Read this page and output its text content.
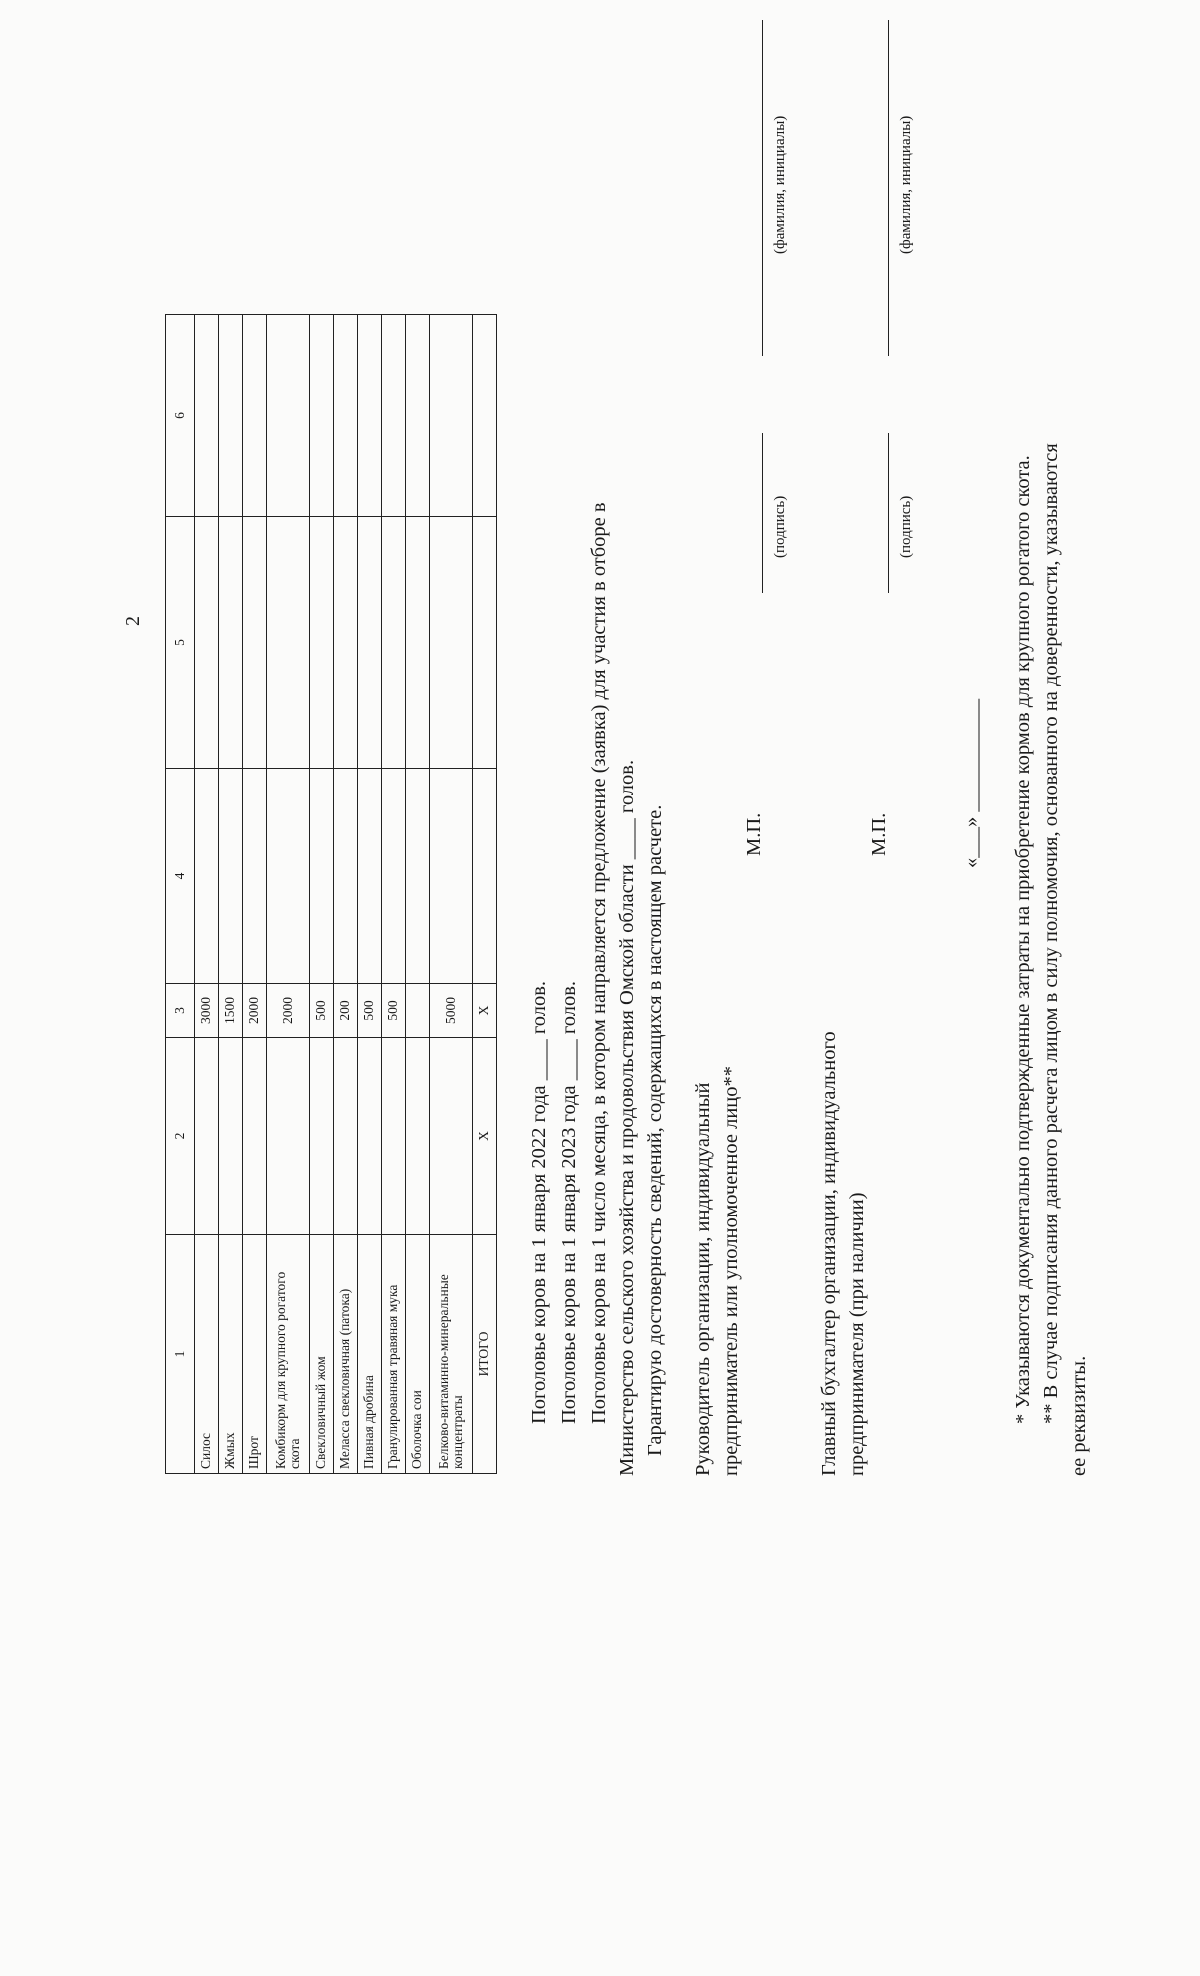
2
1	2	3	4	5	6
Силос		3000			
Жмых		1500			
Шрот		2000			
Комбикорм для крупного рогатого скота		2000			
Свекловичный жом		500			
Меласса свекловичная (патока)		200			
Пивная дробина		500			
Гранулированная травяная мука		500			
Оболочка сои					
Белково-витаминно-минеральные концентраты		5000			
ИТОГО	X	X			Поголовье коров на 1 января 2022 года ____ голов. Поголовье коров на 1 января 2023 года ____ голов. Поголовье коров на 1 число месяца, в котором направляется предложение (заявка) для участия в отборе в Министерство сельского хозяйства и продовольствия Омской области ____ голов. Гарантирую достоверность сведений, содержащихся в настоящем расчете. Руководитель организации, индивидуальный предприниматель или уполномоченное лицо**
М.П.
(подпись)
(фамилия, инициалы)
Главный бухгалтер организации, индивидуального предпринимателя (при наличии)
М.П.
(подпись)
(фамилия, инициалы)
«___» ___________ * Указываются документально подтвержденные затраты на приобретение кормов для крупного рогатого скота. ** В случае подписания данного расчета лицом в силу полномочия, основанного на доверенности, указываются ее реквизиты.
